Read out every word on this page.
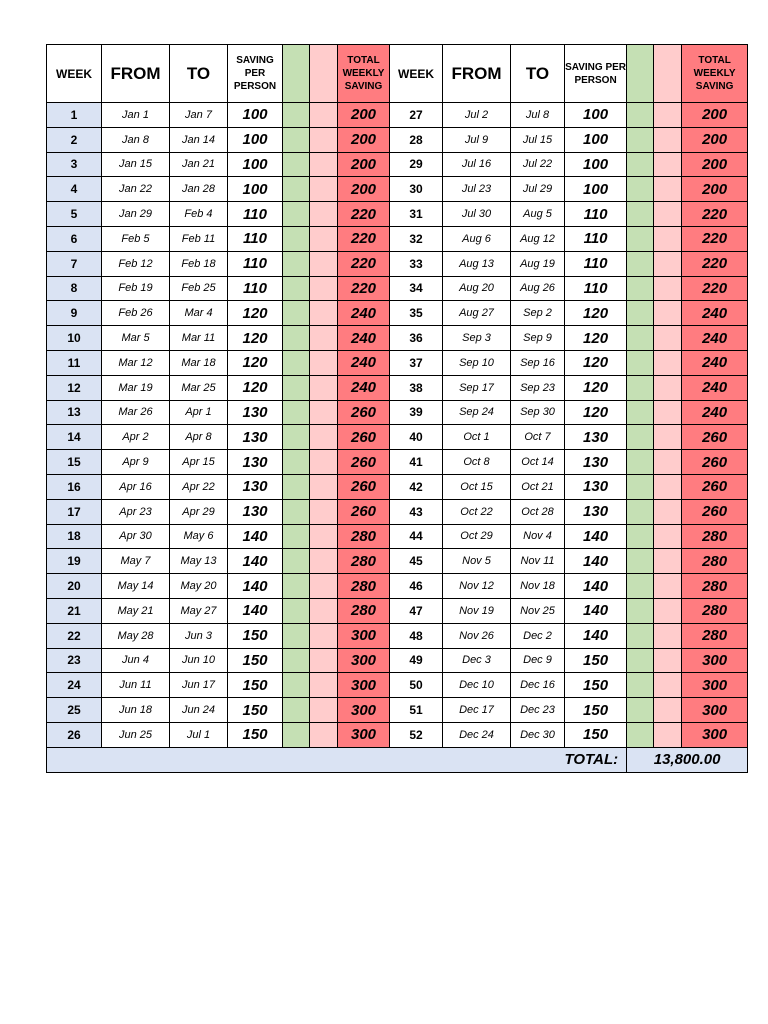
WEEK	FROM	TO	SAVING PER PERSON			TOTAL WEEKLY SAVING	WEEK	FROM	TO	SAVING PER PERSON			TOTAL WEEKLY SAVING
1	Jan 1	Jan 7	100			200	27	Jul 2	Jul 8	100			200
2	Jan 8	Jan 14	100			200	28	Jul 9	Jul 15	100			200
3	Jan 15	Jan 21	100			200	29	Jul 16	Jul 22	100			200
4	Jan 22	Jan 28	100			200	30	Jul 23	Jul 29	100			200
5	Jan 29	Feb 4	110			220	31	Jul 30	Aug 5	110			220
6	Feb 5	Feb 11	110			220	32	Aug 6	Aug 12	110			220
7	Feb 12	Feb 18	110			220	33	Aug 13	Aug 19	110			220
8	Feb 19	Feb 25	110			220	34	Aug 20	Aug 26	110			220
9	Feb 26	Mar 4	120			240	35	Aug 27	Sep 2	120			240
10	Mar 5	Mar 11	120			240	36	Sep 3	Sep 9	120			240
11	Mar 12	Mar 18	120			240	37	Sep 10	Sep 16	120			240
12	Mar 19	Mar 25	120			240	38	Sep 17	Sep 23	120			240
13	Mar 26	Apr 1	130			260	39	Sep 24	Sep 30	120			240
14	Apr 2	Apr 8	130			260	40	Oct 1	Oct 7	130			260
15	Apr 9	Apr 15	130			260	41	Oct 8	Oct 14	130			260
16	Apr 16	Apr 22	130			260	42	Oct 15	Oct 21	130			260
17	Apr 23	Apr 29	130			260	43	Oct 22	Oct 28	130			260
18	Apr 30	May 6	140			280	44	Oct 29	Nov 4	140			280
19	May 7	May 13	140			280	45	Nov 5	Nov 11	140			280
20	May 14	May 20	140			280	46	Nov 12	Nov 18	140			280
21	May 21	May 27	140			280	47	Nov 19	Nov 25	140			280
22	May 28	Jun 3	150			300	48	Nov 26	Dec 2	140			280
23	Jun 4	Jun 10	150			300	49	Dec 3	Dec 9	150			300
24	Jun 11	Jun 17	150			300	50	Dec 10	Dec 16	150			300
25	Jun 18	Jun 24	150			300	51	Dec 17	Dec 23	150			300
26	Jun 25	Jul 1	150			300	52	Dec 24	Dec 30	150			300
										TOTAL:	13,800.00		
